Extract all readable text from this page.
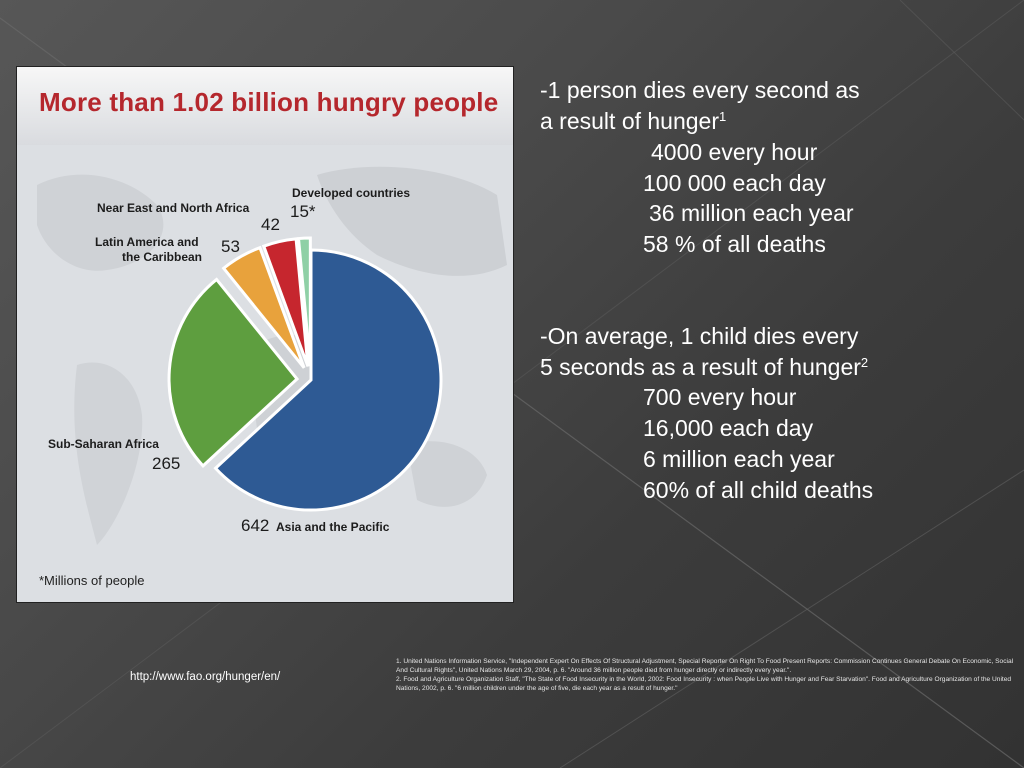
More than 1.02 billion hungry people
Developed countries
15*
Near East and North Africa
42
Latin America and
the Caribbean
53
Sub-Saharan Africa
265
642 Asia and the Pacific
*Millions of people
-1 person dies every second as
a result of hunger$^1$
4000 every hour
100 000 each day
36 million each year
58 % of all deaths
-On average, 1 child dies every
5 seconds as a result of hunger$^2$
700 every hour
16,000 each day
6 million each year
60% of all child deaths
http://www.fao.org/hunger/en/
1. United Nations Information Service, "Independent Expert On Effects Of Structural Adjustment, Special Reporter On Right To Food Present Reports: Commission Continues General Debate On Economic, Social And Cultural Rights", United Nations March 29, 2004, p. 6. "Around 36 million people died from hunger directly or indirectly every year.".
2. Food and Agriculture Organization Staff, "The State of Food Insecurity in the World, 2002: Food Insecurity : when People Live with Hunger and Fear Starvation". Food and Agriculture Organization of the United Nations, 2002, p. 6. "6 million children under the age of five, die each year as a result of hunger."
